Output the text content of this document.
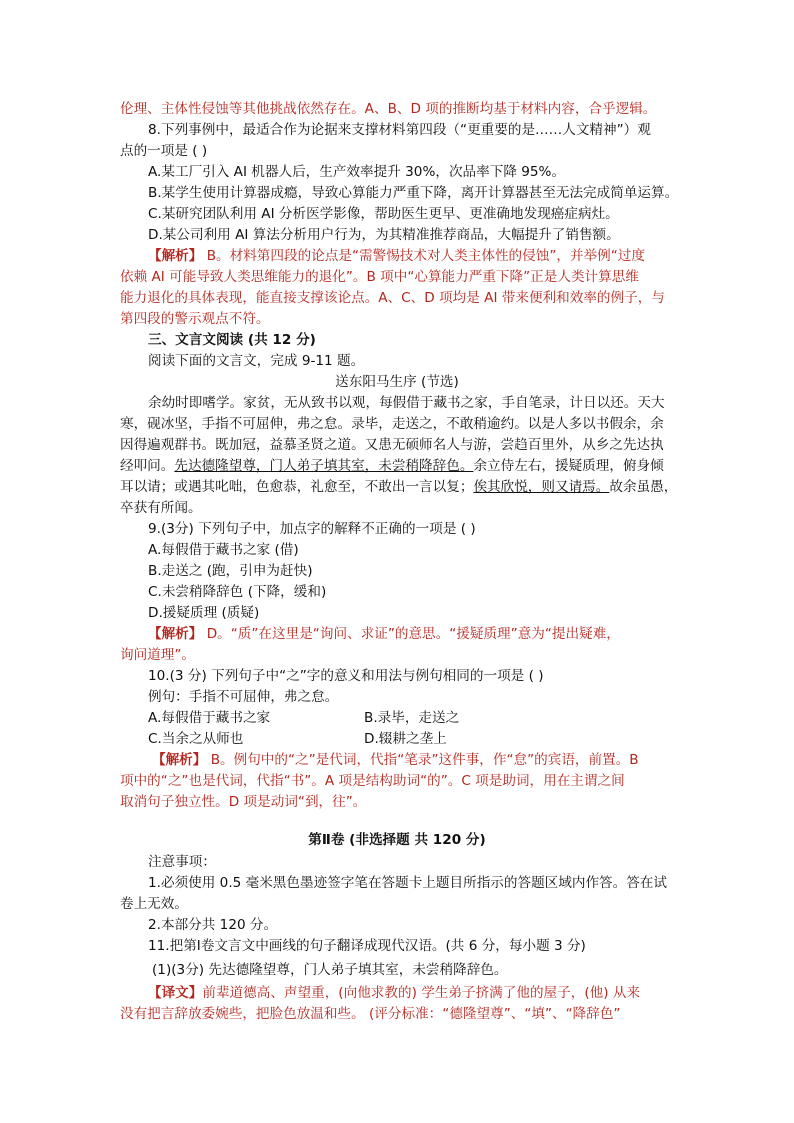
伦理、主体性侵蚀等其他挑战依然存在。A、B、D 项的推断均基于材料内容，合乎逻辑。
8.下列事例中，最适合作为论据来支撑材料第四段（“更重要的是……人文精神”）观
点的一项是 ( )
A.某工厂引入 AI 机器人后，生产效率提升 30%，次品率下降 95%。
B.某学生使用计算器成瘾，导致心算能力严重下降，离开计算器甚至无法完成简单运算。
C.某研究团队利用 AI 分析医学影像，帮助医生更早、更准确地发现癌症病灶。
D.某公司利用 AI 算法分析用户行为，为其精准推荐商品，大幅提升了销售额。
【解析】 B。材料第四段的论点是“需警惕技术对人类主体性的侵蚀”，并举例“过度
依赖 AI 可能导致人类思维能力的退化”。B 项中“心算能力严重下降”正是人类计算思维
能力退化的具体表现，能直接支撑该论点。A、C、D 项均是 AI 带来便利和效率的例子，与
第四段的警示观点不符。
三、文言文阅读 (共 12 分)
阅读下面的文言文，完成 9-11 题。
送东阳马生序 (节选)
余幼时即嗜学。家贫，无从致书以观，每假借于藏书之家，手自笔录，计日以还。天大
寒，砚冰坚，手指不可屈伸，弗之怠。录毕，走送之，不敢稍逾约。以是人多以书假余，余
因得遍观群书。既加冠，益慕圣贤之道。又患无硕师名人与游，尝趋百里外，从乡之先达执
经叩问。先达德隆望尊，门人弟子填其室，未尝稍降辞色。余立侍左右，援疑质理，俯身倾
耳以请；或遇其叱咄，色愈恭，礼愈至，不敢出一言以复；俟其欣悦，则又请焉。故余虽愚，
卒获有所闻。
9.(3分) 下列句子中，加点字的解释不正确的一项是 ( )
A.每假借于藏书之家 (借)
B.走送之 (跑，引申为赶快)
C.未尝稍降辞色 (下降，缓和)
D.援疑质理 (质疑)
【解析】 D。“质”在这里是“询问、求证”的意思。“援疑质理”意为“提出疑难，
询问道理”。
10.(3 分) 下列句子中“之”字的意义和用法与例句相同的一项是 ( )
例句：手指不可屈伸，弗之怠。
A.每假借于藏书之家	B.录毕，走送之
C.当余之从师也	D.辍耕之垄上
【解析】 B。例句中的“之”是代词，代指“笔录”这件事，作“怠”的宾语，前置。B
项中的“之”也是代词，代指“书”。A 项是结构助词“的”。C 项是助词，用在主谓之间
取消句子独立性。D 项是动词“到，往”。
第Ⅱ卷 (非选择题 共 120 分)
注意事项：
1.必须使用 0.5 毫米黑色墨迹签字笔在答题卡上题目所指示的答题区域内作答。答在试
卷上无效。
2.本部分共 120 分。
11.把第Ⅰ卷文言文中画线的句子翻译成现代汉语。(共 6 分，每小题 3 分)
(1)(3分) 先达德隆望尊，门人弟子填其室，未尝稍降辞色。
【译文】前辈道德高、声望重，(向他求教的) 学生弟子挤满了他的屋子，(他) 从来
没有把言辞放委婉些，把脸色放温和些。 (评分标准：“德隆望尊”、“填”、“降辞色”
